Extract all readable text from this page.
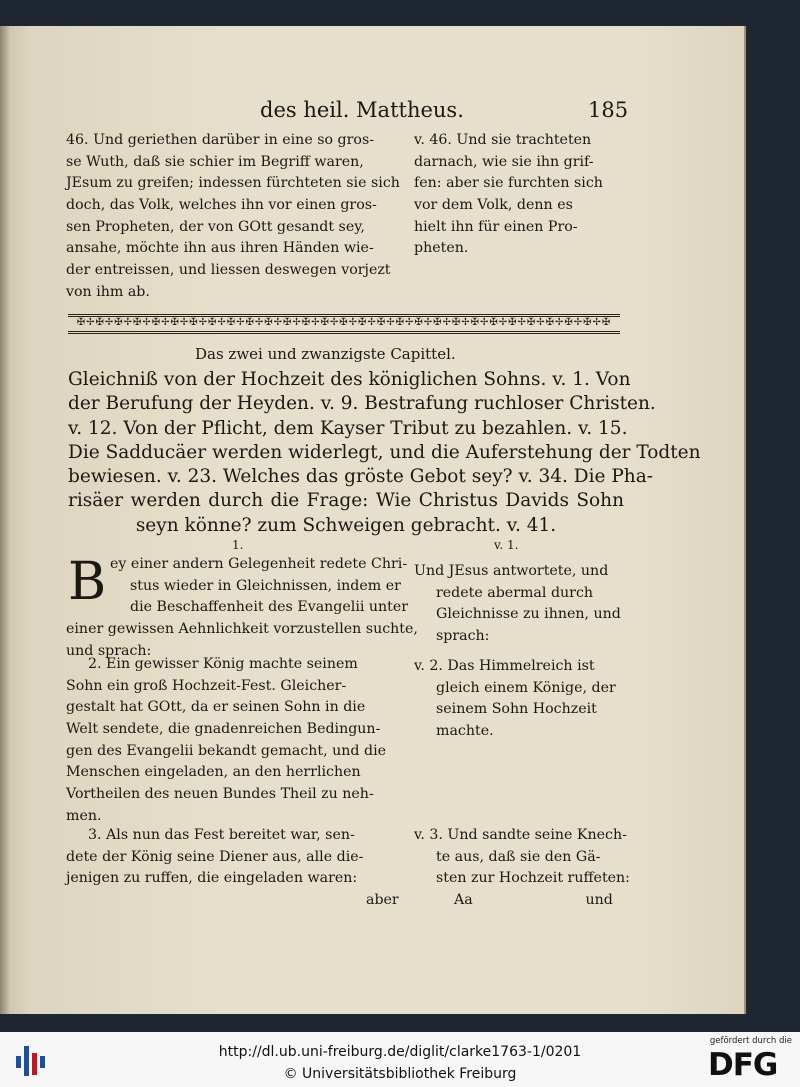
des heil. Mattheus.	185
46. Und geriethen darüber in eine so gros-
se Wuth, daß sie schier im Begriff waren,
JEsum zu greifen; indessen fürchteten sie sich
doch, das Volk, welches ihn vor einen gros-
sen Propheten, der von GOtt gesandt sey,
ansahe, möchte ihn aus ihren Händen wie-
der entreissen, und liessen deswegen vorjezt
von ihm ab.
v. 46. Und sie trachteten
darnach, wie sie ihn grif-
fen: aber sie furchten sich
vor dem Volk, denn es
hielt ihn für einen Pro-
pheten.
✠✢✠✢✠✢✠✢✠✢✠✢✠✢✠✢✠✢✠✢✠✢✠✢✠✢✠✢✠✢✠✢✠✢✠✢✠✢✠✢✠✢✠✢✠✢✠✢✠✢✠✢✠✢✠✢✠
Das zwei und zwanzigste Capittel.
Gleichniß von der Hochzeit des königlichen Sohns. v. 1. Von
der Berufung der Heyden. v. 9. Bestrafung ruchloser Christen.
v. 12. Von der Pflicht, dem Kayser Tribut zu bezahlen. v. 15.
Die Sadducäer werden widerlegt, und die Auferstehung der Todten
bewiesen. v. 23. Welches das gröste Gebot sey? v. 34. Die Pha-
risäer werden durch die Frage: Wie Christus Davids Sohn
seyn könne? zum Schweigen gebracht. v. 41.
1.	v. 1.
B ey einer andern Gelegenheit redete Chri-
stus wieder in Gleichnissen, indem er
die Beschaffenheit des Evangelii unter
einer gewissen Aehnlichkeit vorzustellen suchte,
und sprach:
Und JEsus antwortete, und
redete abermal durch
Gleichnisse zu ihnen, und
sprach:
2. Ein gewisser König machte seinem
Sohn ein groß Hochzeit-Fest. Gleicher-
gestalt hat GOtt, da er seinen Sohn in die
Welt sendete, die gnadenreichen Bedingun-
gen des Evangelii bekandt gemacht, und die
Menschen eingeladen, an den herrlichen
Vortheilen des neuen Bundes Theil zu neh-
men.
v. 2. Das Himmelreich ist
gleich einem Könige, der
seinem Sohn Hochzeit
machte.
3. Als nun das Fest bereitet war, sen-
dete der König seine Diener aus, alle die-
jenigen zu ruffen, die eingeladen waren:
aber
v. 3. Und sandte seine Knech-
te aus, daß sie den Gä-
sten zur Hochzeit ruffeten:
Aa                         und
http://dl.ub.uni-freiburg.de/diglit/clarke1763-1/0201
© Universitätsbibliothek Freiburg
gefördert durch die
DFG
